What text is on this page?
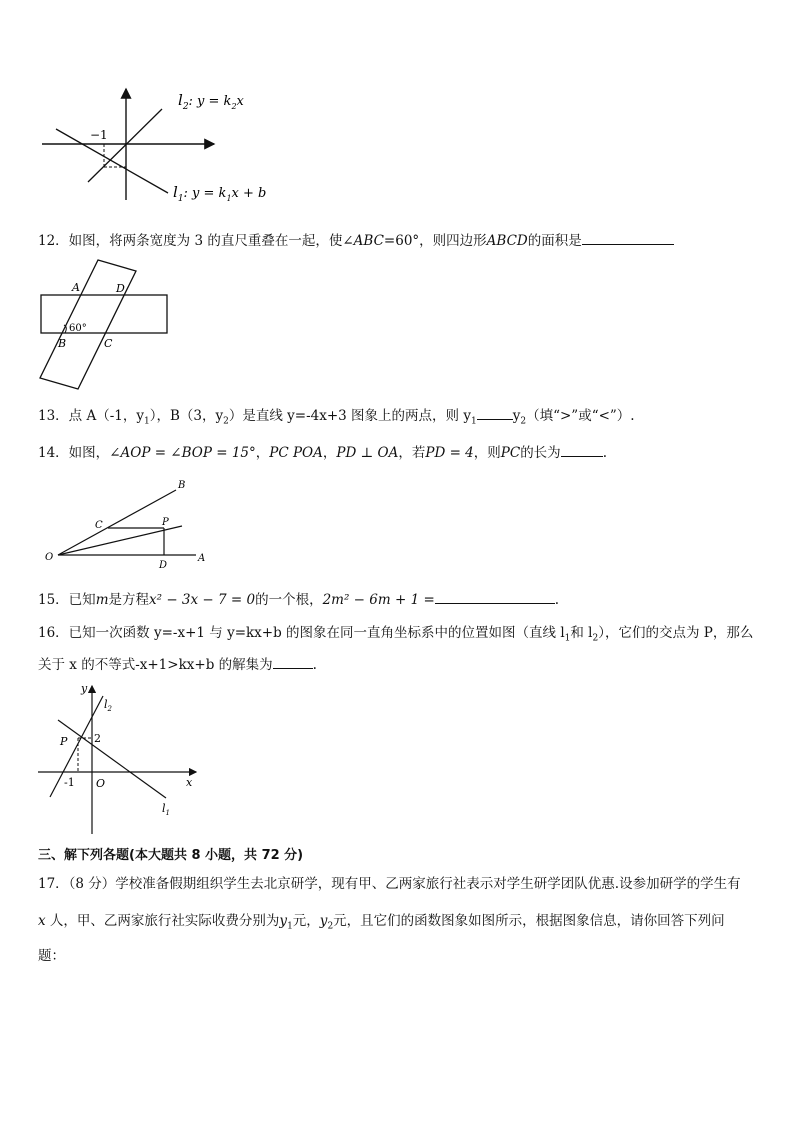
−1
$l_2$: $y = k_2x$
$l_1$: $y = k_1x + b$
12．如图，将两条宽度为 3 的直尺重叠在一起，使∠ABC=60°，则四边形ABCD的面积是
A	D
B	C
60°
13．点 A（-1，$y_1$），B（3，$y_2$）是直线 y=-4x+3 图象上的两点，则 $y_1$	$y_2$（填“>”或“<”）.
14．如图，∠AOP = ∠BOP = 15°，PC POA，PD ⊥ OA，若PD = 4，则PC的长为	.
B
C	P
O
D
A
15．已知m是方程x² − 3x − 7 = 0的一个根，2m² − 6m + 1 =	.
16．已知一次函数 y=-x+1 与 y=kx+b 的图象在同一直角坐标系中的位置如图（直线 $l_1$和 $l_2$），它们的交点为 P，那么
关于 x 的不等式-x+1>kx+b 的解集为	.
y
x
$l_2$
$l_1$
P 2
-1 O
三、解下列各题(本大题共 8 小题，共 72 分)
17．（8 分）学校准备假期组织学生去北京研学，现有甲、乙两家旅行社表示对学生研学团队优惠.设参加研学的学生有
x 人，甲、乙两家旅行社实际收费分别为$y_1$元，$y_2$元，且它们的函数图象如图所示，根据图象信息，请你回答下列问
题：
